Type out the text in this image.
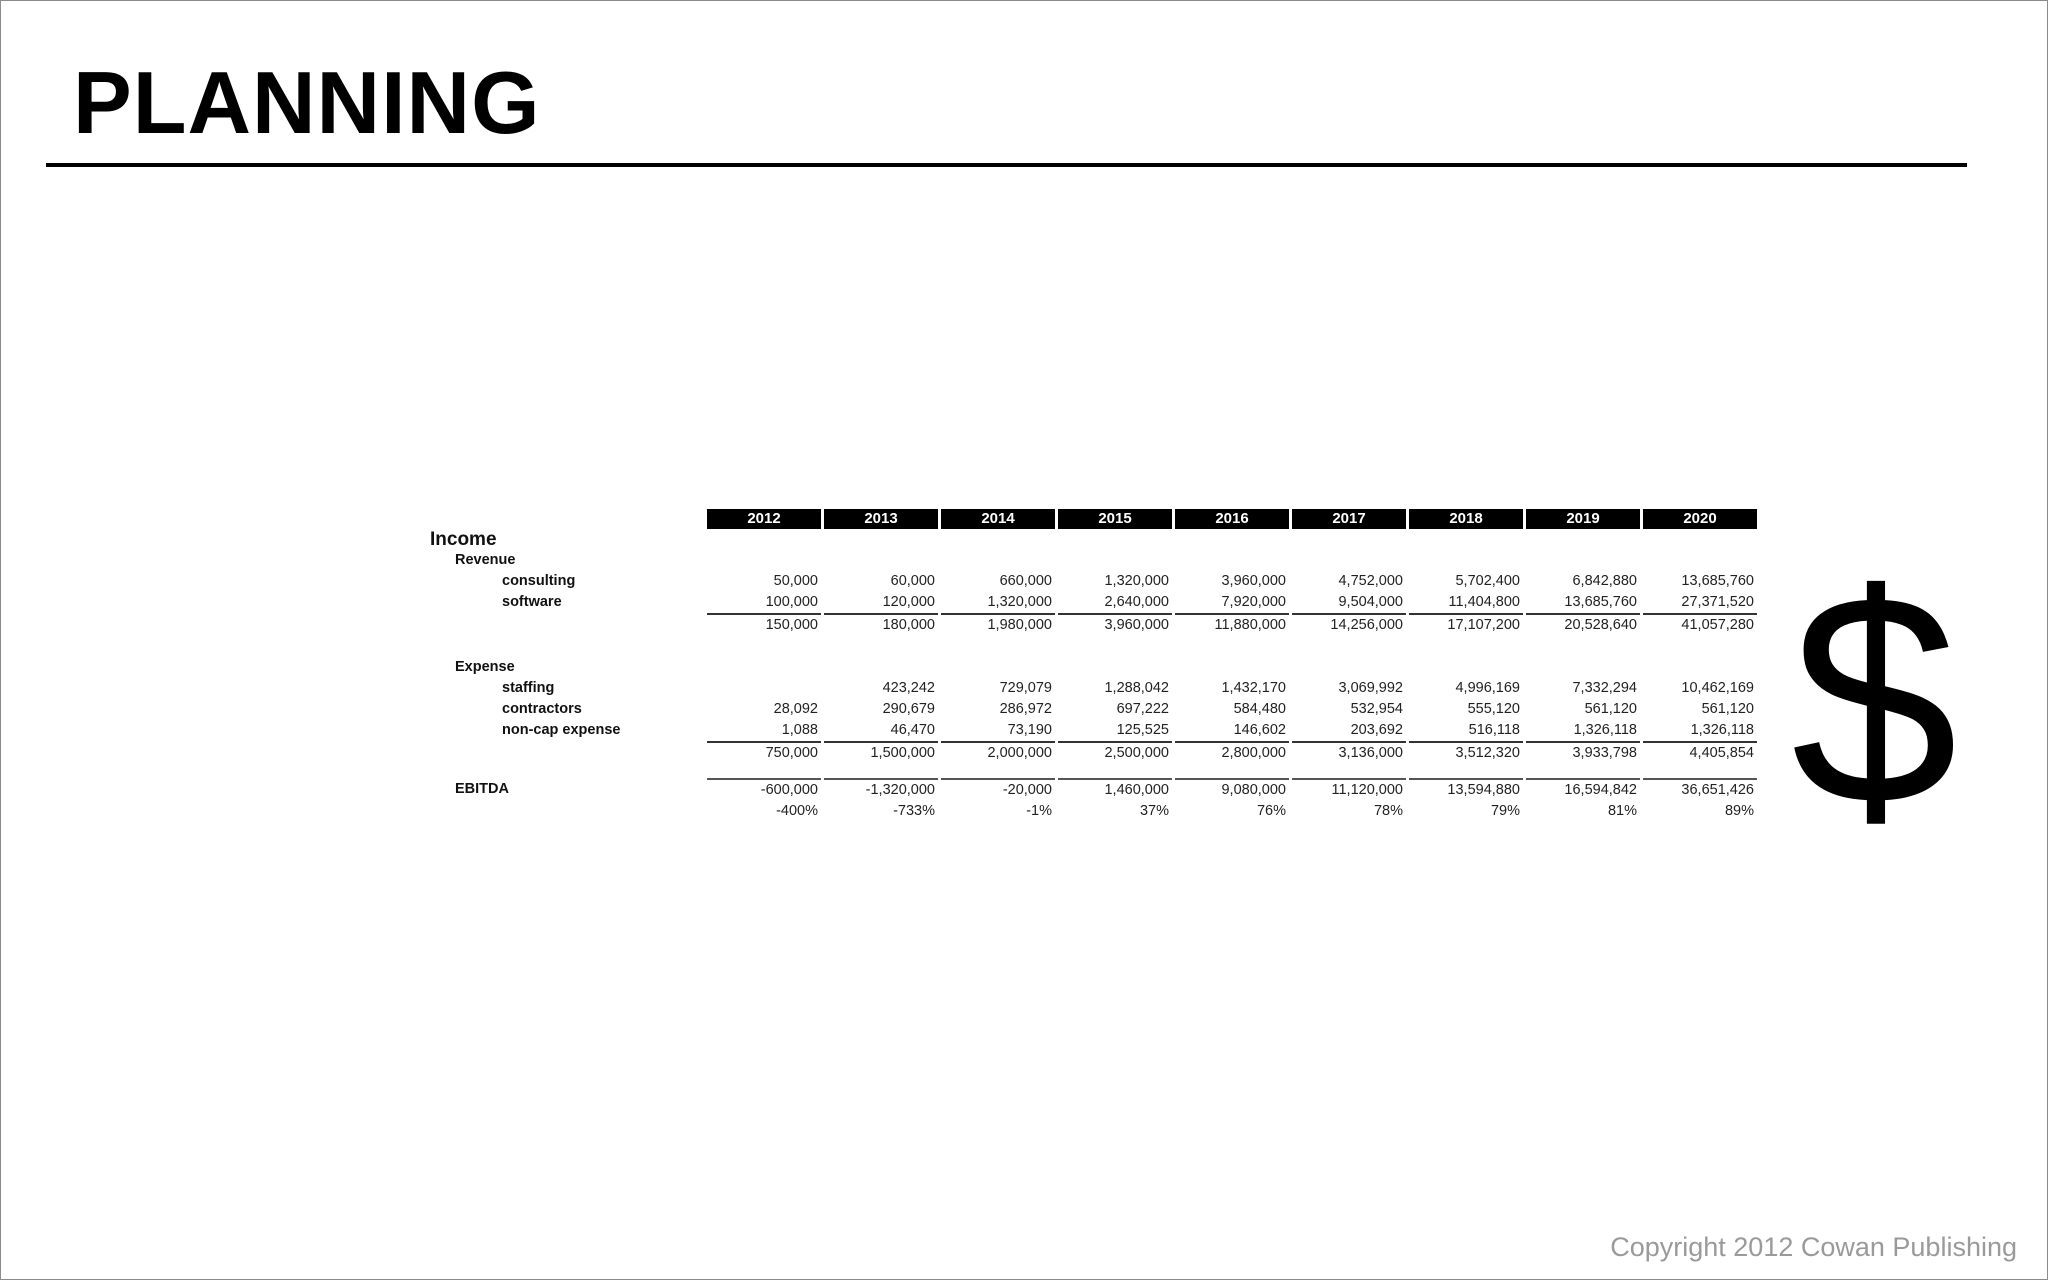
PLANNING
	2012	2013	2014	2015	2016	2017	2018	2019	2020
Income									
Revenue									
consulting	50,000	60,000	660,000	1,320,000	3,960,000	4,752,000	5,702,400	6,842,880	13,685,760
software	100,000	120,000	1,320,000	2,640,000	7,920,000	9,504,000	11,404,800	13,685,760	27,371,520
	150,000	180,000	1,980,000	3,960,000	11,880,000	14,256,000	17,107,200	20,528,640	41,057,280

Expense									
staffing		423,242	729,079	1,288,042	1,432,170	3,069,992	4,996,169	7,332,294	10,462,169
contractors	28,092	290,679	286,972	697,222	584,480	532,954	555,120	561,120	561,120
non-cap expense	1,088	46,470	73,190	125,525	146,602	203,692	516,118	1,326,118	1,326,118
	750,000	1,500,000	2,000,000	2,500,000	2,800,000	3,136,000	3,512,320	3,933,798	4,405,854

EBITDA	-600,000	-1,320,000	-20,000	1,460,000	9,080,000	11,120,000	13,594,880	16,594,842	36,651,426
	-400%	-733%	-1%	37%	76%	78%	79%	81%	89% $
Copyright 2012 Cowan Publishing
